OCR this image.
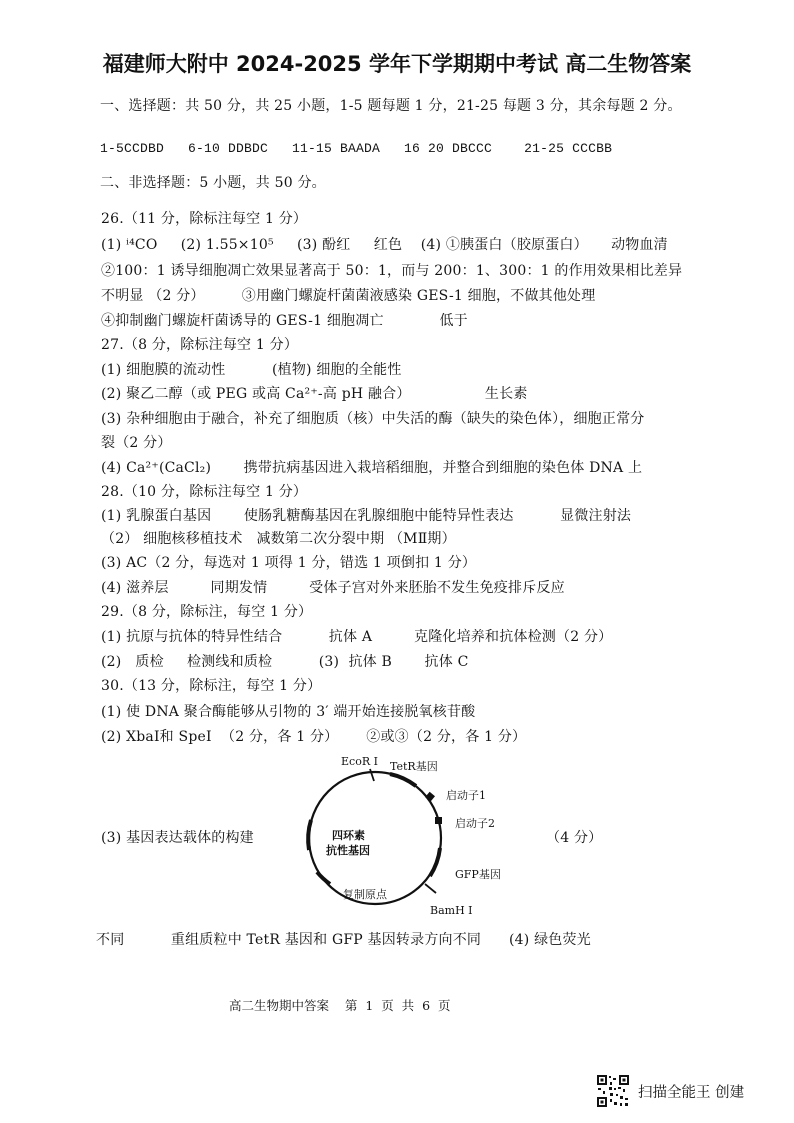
福建师大附中 2024-2025 学年下学期期中考试 高二生物答案
一、选择题：共 50 分，共 25 小题，1-5 题每题 1 分，21-25 每题 3 分，其余每题 2 分。
1-5CCDBD   6-10 DDBDC   11-15 BAADA   16 20 DBCCC    21-25 CCCBB
二、非选择题：5 小题，共 50 分。
26.（11 分，除标注每空 1 分）
(1) ⁱ⁴CO     (2) 1.55×10⁵     (3) 酚红     红色    (4) ①胰蛋白（胶原蛋白）     动物血清
②100：1 诱导细胞凋亡效果显著高于 50：1，而与 200：1、300：1 的作用效果相比差异
不明显 （2 分）        ③用幽门螺旋杆菌菌液感染 GES-1 细胞，不做其他处理
④抑制幽门螺旋杆菌诱导的 GES-1 细胞凋亡            低于
27.（8 分，除标注每空 1 分）
(1) 细胞膜的流动性          (植物) 细胞的全能性
(2) 聚乙二醇（或 PEG 或高 Ca²⁺-高 pH 融合）                生长素
(3) 杂种细胞由于融合，补充了细胞质（核）中失活的酶（缺失的染色体），细胞正常分
裂（2 分）
(4) Ca²⁺(CaCl₂)       携带抗病基因进入栽培稻细胞，并整合到细胞的染色体 DNA 上
28.（10 分，除标注每空 1 分）
(1) 乳腺蛋白基因       使肠乳糖酶基因在乳腺细胞中能特异性表达          显微注射法
（2） 细胞核移植技术   减数第二次分裂中期 （MⅡ期）
(3) AC（2 分，每选对 1 项得 1 分，错选 1 项倒扣 1 分）
(4) 滋养层         同期发情         受体子宫对外来胚胎不发生免疫排斥反应
29.（8 分，除标注，每空 1 分）
(1) 抗原与抗体的特异性结合          抗体 A         克隆化培养和抗体检测（2 分）
(2)   质检     检测线和质检          (3)  抗体 B       抗体 C
30.（13 分，除标注，每空 1 分）
(1) 使 DNA 聚合酶能够从引物的 3′ 端开始连接脱氧核苷酸
(2) XbaⅠ和 SpeⅠ  （2 分，各 1 分）      ②或③（2 分，各 1 分）
(3) 基因表达载体的构建	（4 分）
EcoR Ⅰ TetR基因
启动子1
启动子2
四环素
抗性基因
GFP基因
复制原点
BamH Ⅰ
不同          重组质粒中 TetR 基因和 GFP 基因转录方向不同      (4) 绿色荧光
高二生物期中答案    第  1  页  共  6  页
扫描全能王 创建
